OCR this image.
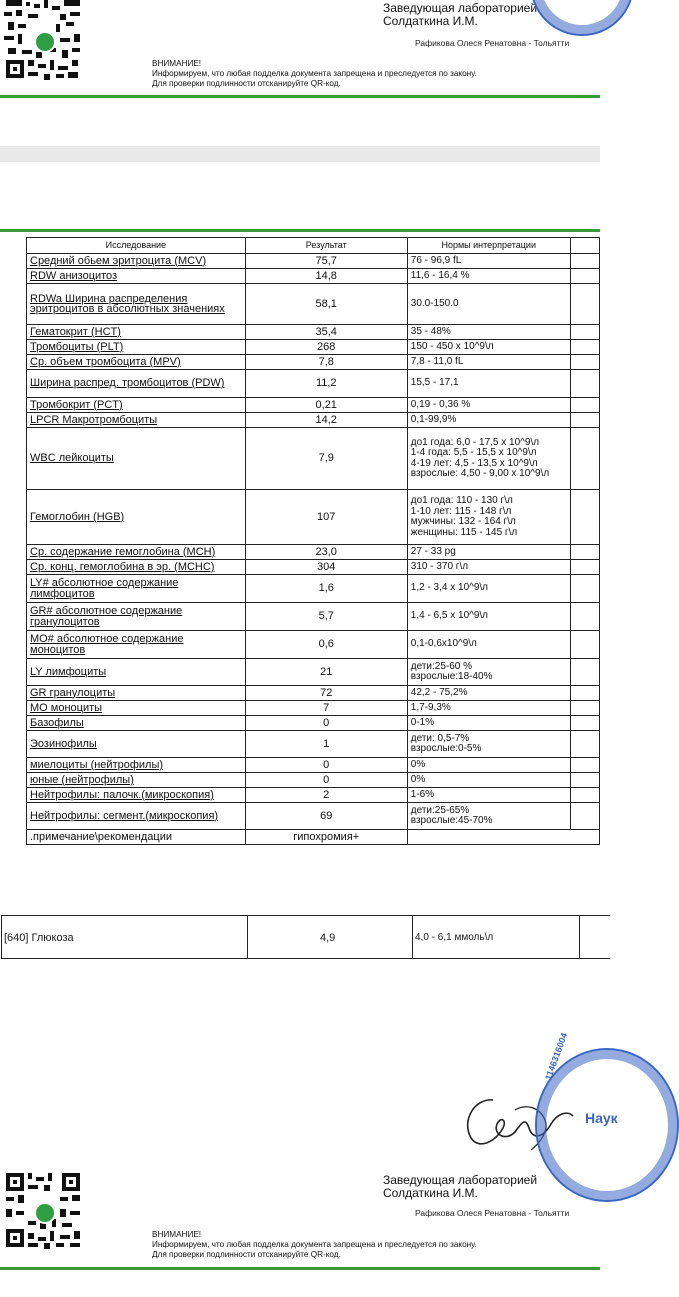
Заведующая лабораторией
Солдаткина И.М.
Рафикова Олеся Ренатовна - Тольятти
ВНИМАНИЕ!
Информируем, что любая подделка документа запрещена и преследуется по закону.
Для проверки подлинности отсканируйте QR-код.
Исследование	Результат	Нормы интерпретации	
Средний обьем эритроцита (MCV)	75,7	76 - 96,9 fL	
RDW анизоцитоз	14,8	11,6 - 16,4 %	
RDWa Ширина распределения эритроцитов в абсолютных значениях	58,1	30.0-150.0	
Гематокрит (HCT)	35,4	35 - 48%	
Тромбоциты (PLT)	268	150 - 450 x 10^9\л	
Ср. объем тромбоцита (MPV)	7,8	7,8 - 11,0 fL	
Ширина распред. тромбоцитов (PDW)	11,2	15,5 - 17,1	
Тромбокрит (PCT)	0,21	0,19 - 0,36 %	
LPCR Макротромбоциты	14,2	0,1-99,9%	
WBC лейкоциты	7,9	до1 года: 6,0 - 17,5 x 10^9\л
1-4 года: 5,5 - 15,5 x 10^9\л
4-19 лет: 4,5 - 13,5 x 10^9\л
взрослые: 4,50 - 9,00 x 10^9\л	
Гемоглобин (HGB)	107	до1 года: 110 - 130 г\л
1-10 лет: 115 - 148 г\л
мужчины: 132 - 164 г\л
женщины: 115 - 145 г\л	
Ср. содержание гемоглобина (MCH)	23,0	27 - 33 pg	
Ср. конц. гемоглобина в эр. (MCHC)	304	310 - 370 г\л	
LY# абсолютное содержание лимфоцитов	1,6	1,2 - 3,4 x 10^9\л	
GR# абсолютное содержание гранулоцитов	5,7	1,4 - 6,5 x 10^9\л	
MO# абсолютное содержание моноцитов	0,6	0,1-0,6x10^9\л	
LY лимфоциты	21	дети:25-60 %
взрослые:18-40%	
GR гранулоциты	72	42,2 - 75,2%	
MO моноциты	7	1,7-9,3%	
Базофилы	0	0-1%	
Эозинофилы	1	дети: 0,5-7%
взрослые:0-5%	
миелоциты (нейтрофилы)	0	0%	
юные (нейтрофилы)	0	0%	
Нейтрофилы: палочк.(микроскопия)	2	1-6%	
Нейтрофилы: сегмент.(микроскопия)	69	дети:25-65%
взрослые:45-70%	
.примечание\рекомендации	гипохромия+		
[640] Глюкоза	4,9	4,0 - 6,1 ммоль\л
1146316004
Наук
Заведующая лабораторией
Солдаткина И.М.
Рафикова Олеся Ренатовна - Тольятти
ВНИМАНИЕ!
Информируем, что любая подделка документа запрещена и преследуется по закону.
Для проверки подлинности отсканируйте QR-код.
